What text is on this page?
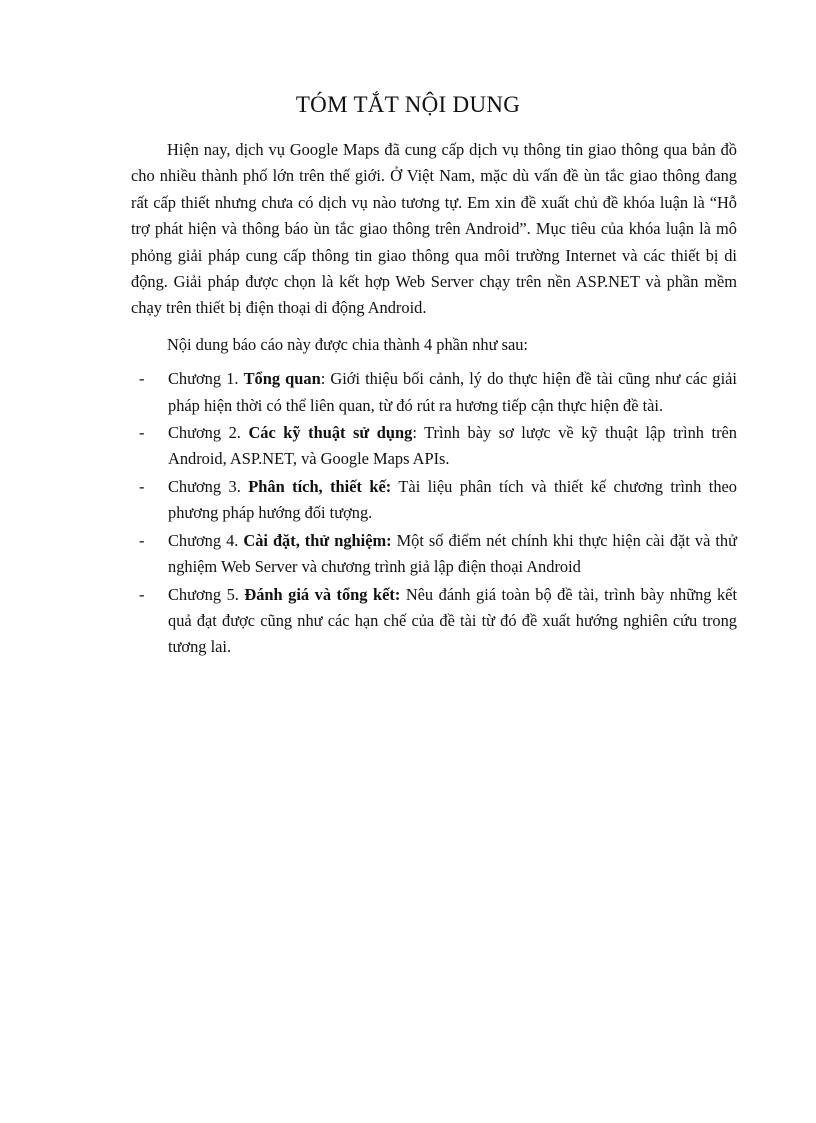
TÓM TẮT NỘI DUNG

Hiện nay, dịch vụ Google Maps đã cung cấp dịch vụ thông tin giao thông qua bản đồ cho nhiều thành phố lớn trên thế giới. Ở Việt Nam, mặc dù vấn đề ùn tắc giao thông đang rất cấp thiết nhưng chưa có dịch vụ nào tương tự. Em xin đề xuất chủ đề khóa luận là “Hỗ trợ phát hiện và thông báo ùn tắc giao thông trên Android”. Mục tiêu của khóa luận là mô phỏng giải pháp cung cấp thông tin giao thông qua môi trường Internet và các thiết bị di động. Giải pháp được chọn là kết hợp Web Server chạy trên nền ASP.NET và phần mềm chạy trên thiết bị điện thoại di động Android.

Nội dung báo cáo này được chia thành 4 phần như sau:

- Chương 1. Tổng quan: Giới thiệu bối cảnh, lý do thực hiện đề tài cũng như các giải pháp hiện thời có thể liên quan, từ đó rút ra hương tiếp cận thực hiện đề tài.
- Chương 2. Các kỹ thuật sử dụng: Trình bày sơ lược về kỹ thuật lập trình trên Android, ASP.NET, và Google Maps APIs.
- Chương 3. Phân tích, thiết kế: Tài liệu phân tích và thiết kế chương trình theo phương pháp hướng đối tượng.
- Chương 4. Cài đặt, thử nghiệm: Một số điểm nét chính khi thực hiện cài đặt và thử nghiệm Web Server và chương trình giả lập điện thoại Android
- Chương 5. Đánh giá và tổng kết: Nêu đánh giá toàn bộ đề tài, trình bày những kết quả đạt được cũng như các hạn chế của đề tài từ đó đề xuất hướng nghiên cứu trong tương lai.
